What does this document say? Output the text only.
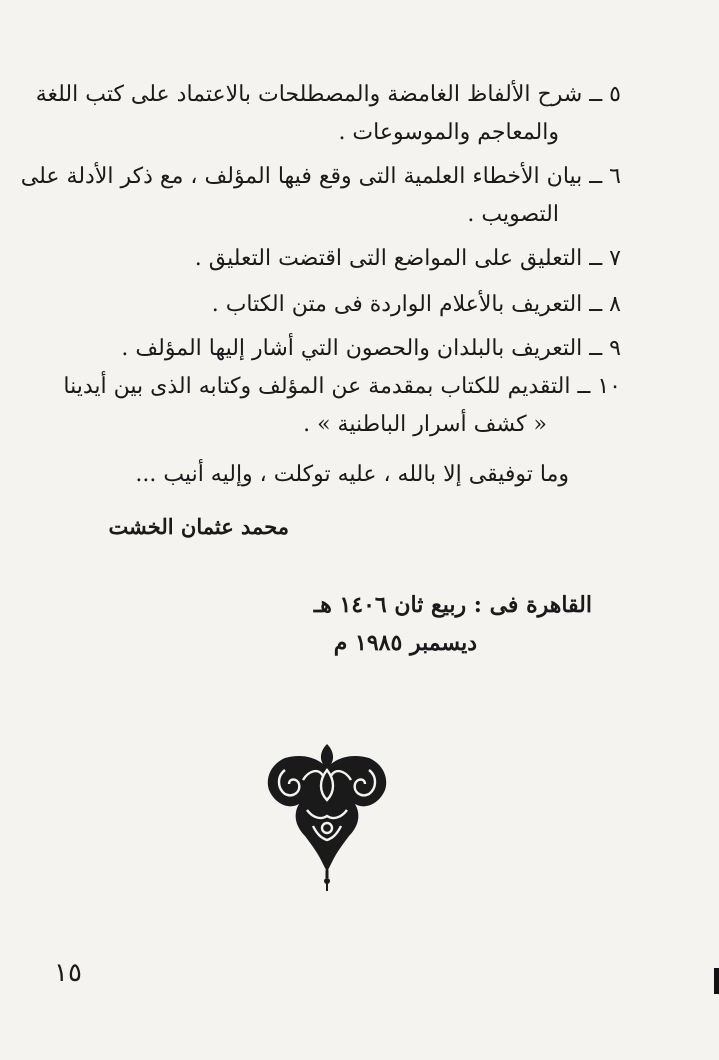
٥ ــ شرح الألفاظ الغامضة والمصطلحات بالاعتماد على كتب اللغة
والمعاجم والموسوعات .
٦ ــ بيان الأخطاء العلمية التى وقع فيها المؤلف ، مع ذكر الأدلة على
التصويب .
٧ ــ التعليق على المواضع التى اقتضت التعليق .
٨ ــ التعريف بالأعلام الواردة فى متن الكتاب .
٩ ــ التعريف بالبلدان والحصون التي أشار إليها المؤلف .
١٠ ــ التقديم للكتاب بمقدمة عن المؤلف وكتابه الذى بين أيدينا
« كشف أسرار الباطنية » .
وما توفيقى إلا بالله ، عليه توكلت ، وإليه أنيب ...
محمد عثمان الخشت
القاهرة فى : ربيع ثان ١٤٠٦ هـ
ديسمبر ١٩٨٥ م
١٥
